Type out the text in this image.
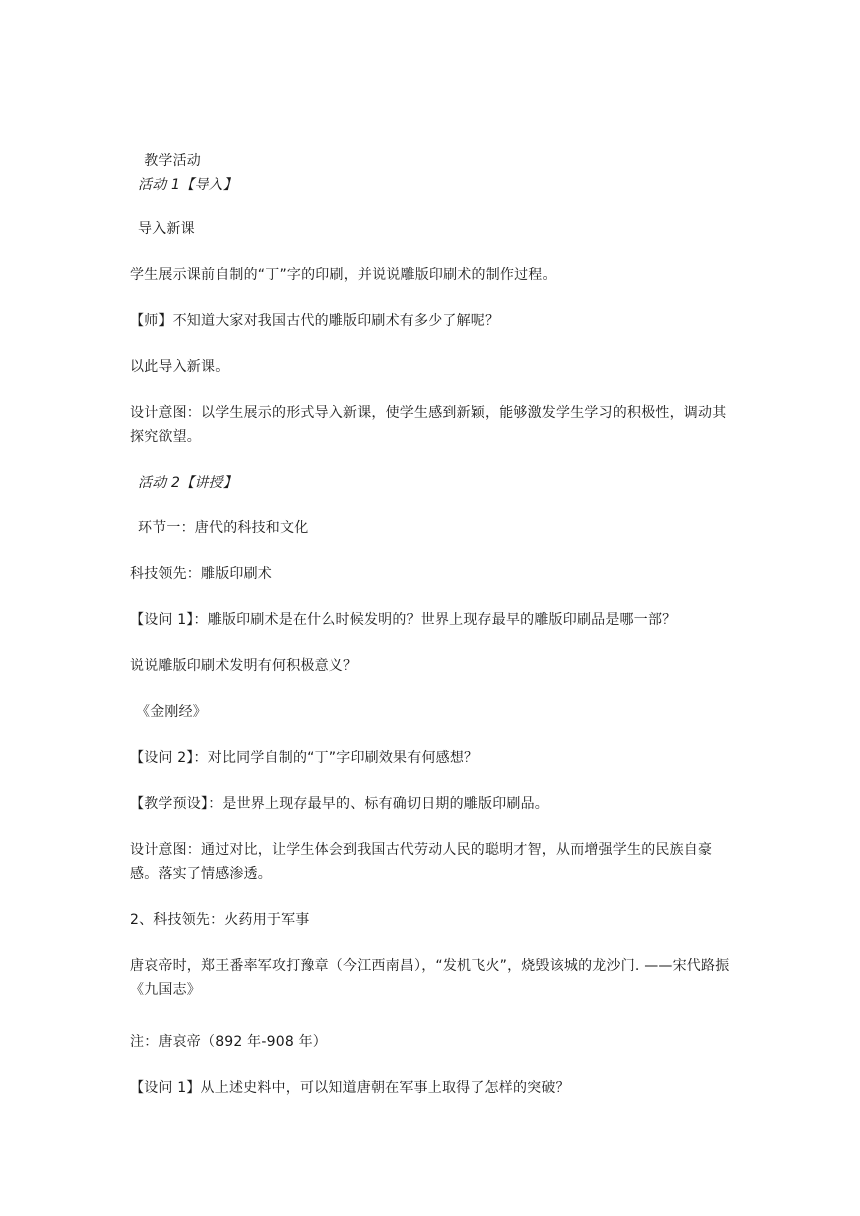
　教学活动
活动 1【导入】
导入新课
学生展示课前自制的“丁”字的印刷，并说说雕版印刷术的制作过程。
【师】不知道大家对我国古代的雕版印刷术有多少了解呢？
以此导入新课。
设计意图：以学生展示的形式导入新课，使学生感到新颖，能够激发学生学习的积极性，调动其探究欲望。
活动 2【讲授】
环节一：唐代的科技和文化
科技领先：雕版印刷术
【设问 1】：雕版印刷术是在什么时候发明的？世界上现存最早的雕版印刷品是哪一部？
说说雕版印刷术发明有何积极意义？
《金刚经》
【设问 2】：对比同学自制的“丁”字印刷效果有何感想？
【教学预设】：是世界上现存最早的、标有确切日期的雕版印刷品。
设计意图：通过对比，让学生体会到我国古代劳动人民的聪明才智，从而增强学生的民族自豪感。落实了情感渗透。
2、科技领先：火药用于军事
唐哀帝时，郑王番率军攻打豫章（今江西南昌），“发机飞火”，烧毁该城的龙沙门. ——宋代路振《九国志》
注：唐哀帝（892 年-908 年）
【设问 1】从上述史料中，可以知道唐朝在军事上取得了怎样的突破？
